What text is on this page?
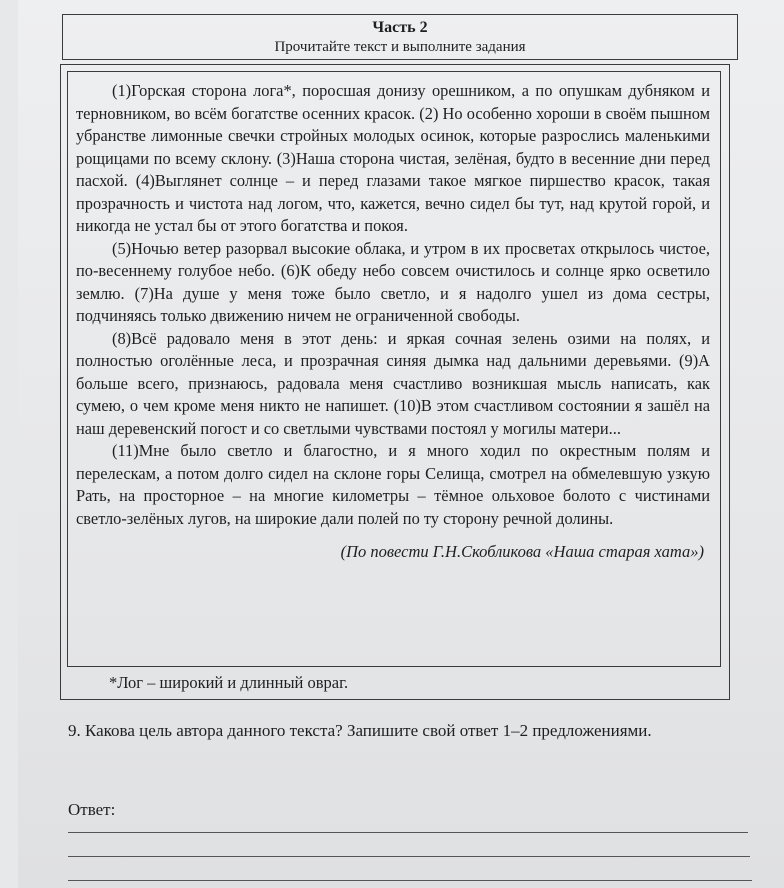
Часть 2
Прочитайте текст и выполните задания

(1)Горская сторона лога*, поросшая донизу орешником, а по опушкам дубняком и терновником, во всём богатстве осенних красок. (2) Но особенно хороши в своём пышном убранстве лимонные свечки стройных молодых осинок, которые разрослись маленькими рощицами по всему склону. (3)Наша сторона чистая, зелёная, будто в весенние дни перед пасхой. (4)Выглянет солнце – и перед глазами такое мягкое пиршество красок, такая прозрачность и чистота над логом, что, кажется, вечно сидел бы тут, над крутой горой, и никогда не устал бы от этого богатства и покоя.

(5)Ночью ветер разорвал высокие облака, и утром в их просветах открылось чистое, по-весеннему голубое небо. (6)К обеду небо совсем очистилось и солнце ярко осветило землю. (7)На душе у меня тоже было светло, и я надолго ушел из дома сестры, подчиняясь только движению ничем не ограниченной свободы.

(8)Всё радовало меня в этот день: и яркая сочная зелень озими на полях, и полностью оголённые леса, и прозрачная синяя дымка над дальними деревьями. (9)А больше всего, признаюсь, радовала меня счастливо возникшая мысль написать, как сумею, о чем кроме меня никто не напишет. (10)В этом счастливом состоянии я зашёл на наш деревенский погост и со светлыми чувствами постоял у могилы матери...

(11)Мне было светло и благостно, и я много ходил по окрестным полям и перелескам, а потом долго сидел на склоне горы Селища, смотрел на обмелевшую узкую Рать, на просторное – на многие километры – тёмное ольховое болото с чистинами светло-зелёных лугов, на широкие дали полей по ту сторону речной долины.

(По повести Г.Н.Скобликова «Наша старая хата»)
*Лог – широкий и длинный овраг.
9. Какова цель автора данного текста? Запишите свой ответ 1–2 предложениями.
Ответ:
